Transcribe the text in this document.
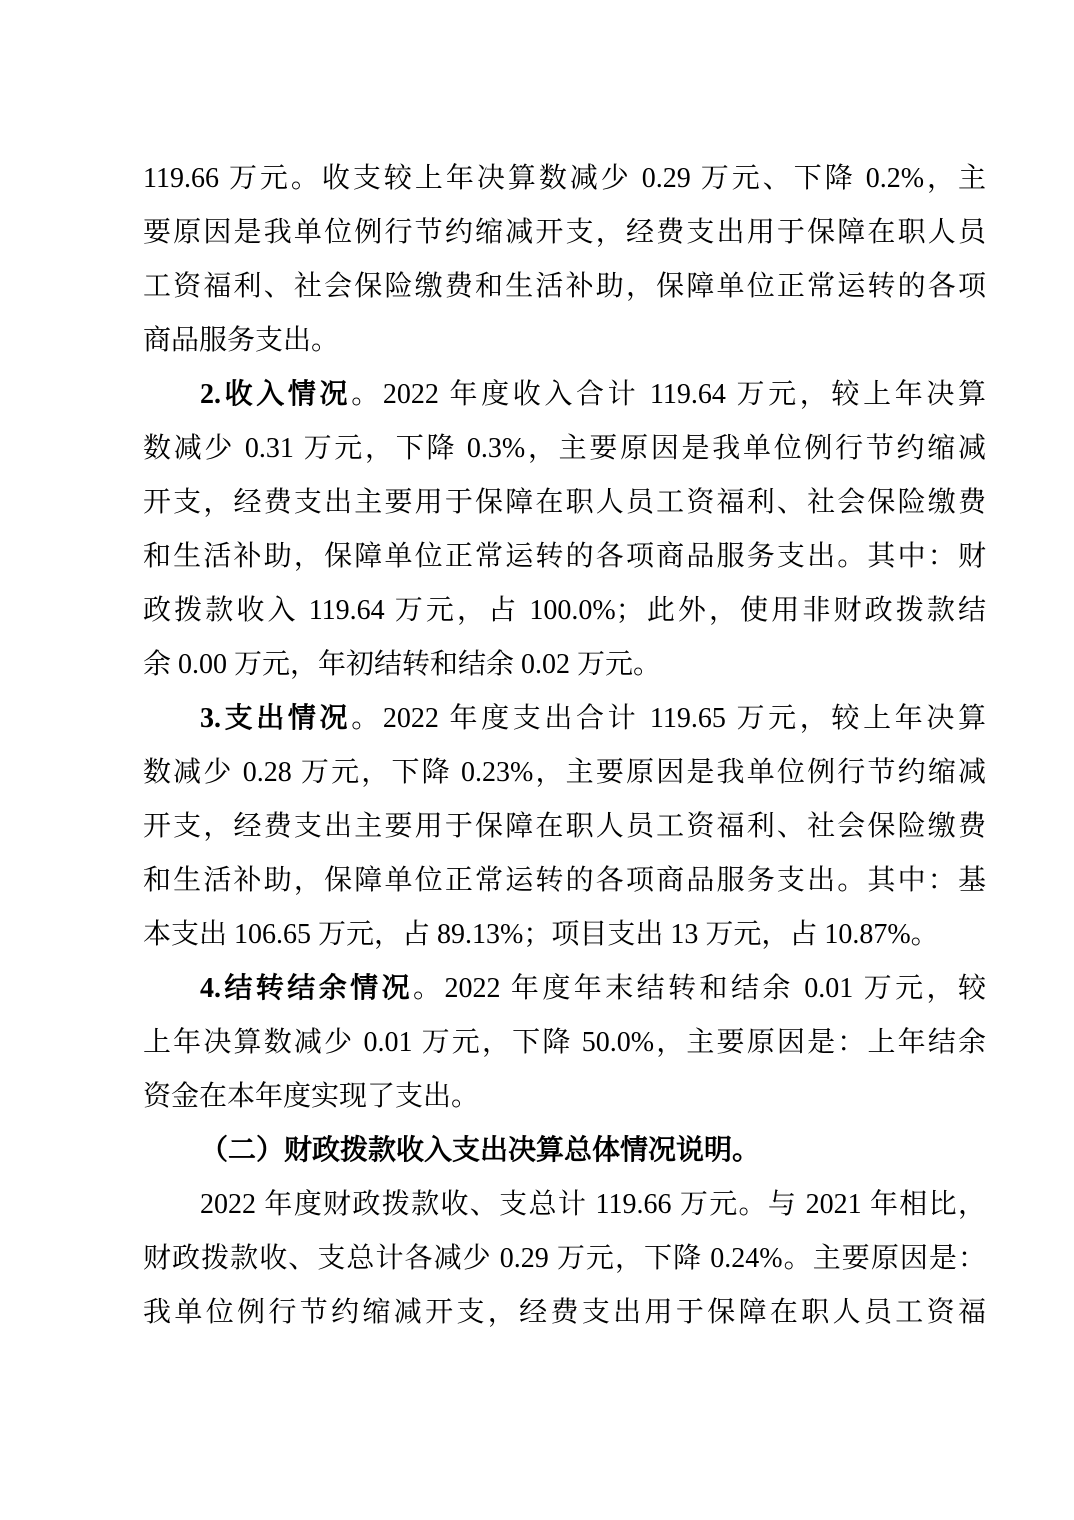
119.66 万元。收支较上年决算数减少 0.29 万元、下降 0.2%，主
要原因是我单位例行节约缩减开支，经费支出用于保障在职人员
工资福利、社会保险缴费和生活补助，保障单位正常运转的各项
商品服务支出。
2.收入情况。2022 年度收入合计 119.64 万元，较上年决算
数减少 0.31 万元，下降 0.3%，主要原因是我单位例行节约缩减
开支，经费支出主要用于保障在职人员工资福利、社会保险缴费
和生活补助，保障单位正常运转的各项商品服务支出。其中：财
政拨款收入 119.64 万元，占 100.0%；此外，使用非财政拨款结
余 0.00 万元，年初结转和结余 0.02 万元。
3.支出情况。2022 年度支出合计 119.65 万元，较上年决算
数减少 0.28 万元，下降 0.23%，主要原因是我单位例行节约缩减
开支，经费支出主要用于保障在职人员工资福利、社会保险缴费
和生活补助，保障单位正常运转的各项商品服务支出。其中：基
本支出 106.65 万元，占 89.13%；项目支出 13 万元，占 10.87%。
4.结转结余情况。2022 年度年末结转和结余 0.01 万元，较
上年决算数减少 0.01 万元，下降 50.0%，主要原因是：上年结余
资金在本年度实现了支出。
（二）财政拨款收入支出决算总体情况说明。
2022 年度财政拨款收、支总计 119.66 万元。与 2021 年相比，
财政拨款收、支总计各减少 0.29 万元，下降 0.24%。主要原因是：
我单位例行节约缩减开支，经费支出用于保障在职人员工资福
